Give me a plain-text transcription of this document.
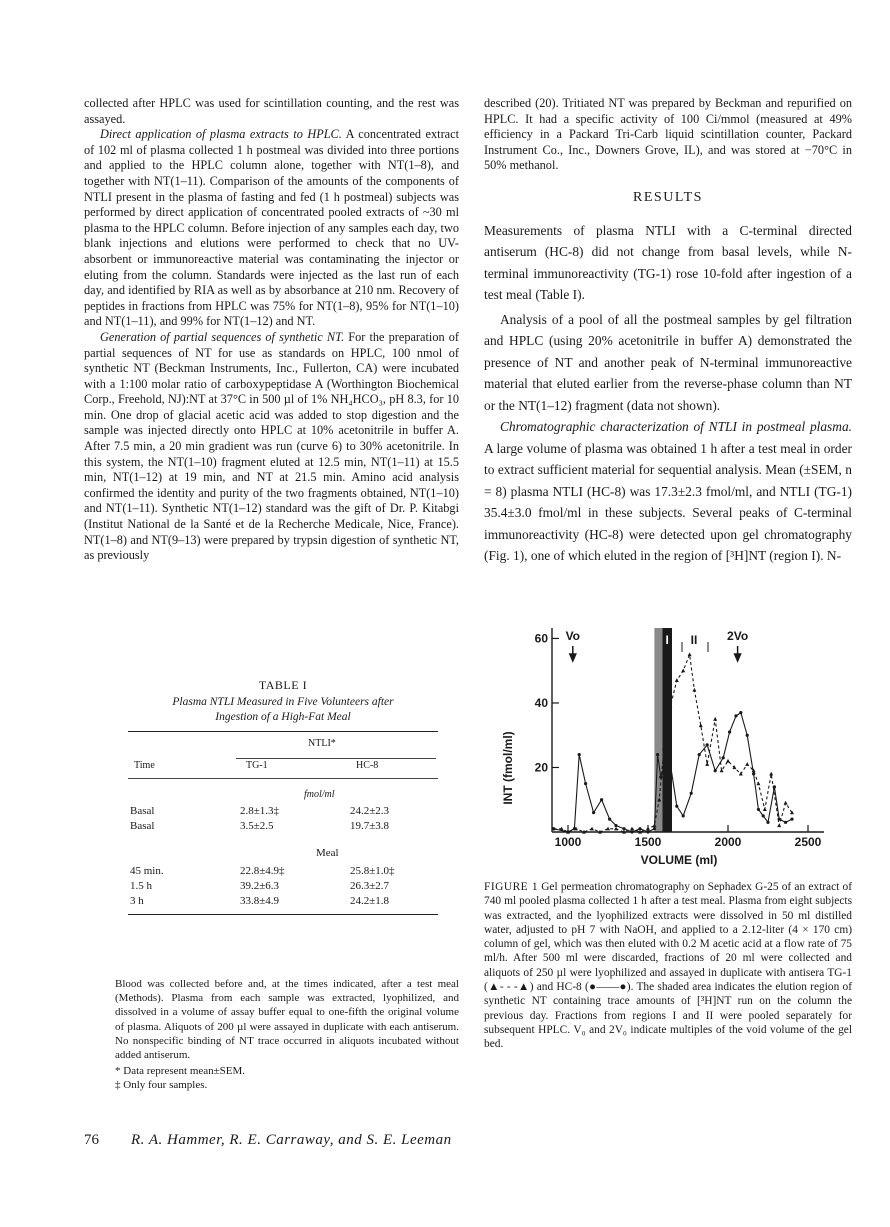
collected after HPLC was used for scintillation counting, and the rest was assayed.

Direct application of plasma extracts to HPLC. A concentrated extract of 102 ml of plasma collected 1 h postmeal was divided into three portions and applied to the HPLC column alone, together with NT(1–8), and together with NT(1–11). Comparison of the amounts of the components of NTLI present in the plasma of fasting and fed (1 h postmeal) subjects was performed by direct application of concentrated pooled extracts of ~30 ml plasma to the HPLC column. Before injection of any samples each day, two blank injections and elutions were performed to check that no UV-absorbent or immunoreactive material was contaminating the injector or eluting from the column. Standards were injected as the last run of each day, and identified by RIA as well as by absorbance at 210 nm. Recovery of peptides in fractions from HPLC was 75% for NT(1–8), 95% for NT(1–10) and NT(1–11), and 99% for NT(1–12) and NT.

Generation of partial sequences of synthetic NT. For the preparation of partial sequences of NT for use as standards on HPLC, 100 nmol of synthetic NT (Beckman Instruments, Inc., Fullerton, CA) were incubated with a 1:100 molar ratio of carboxypeptidase A (Worthington Biochemical Corp., Freehold, NJ):NT at 37°C in 500 µl of 1% NH₄HCO₃, pH 8.3, for 10 min. One drop of glacial acetic acid was added to stop digestion and the sample was injected directly onto HPLC at 10% acetonitrile in buffer A. After 7.5 min, a 20 min gradient was run (curve 6) to 30% acetonitrile. In this system, the NT(1–10) fragment eluted at 12.5 min, NT(1–11) at 15.5 min, NT(1–12) at 19 min, and NT at 21.5 min. Amino acid analysis confirmed the identity and purity of the two fragments obtained, NT(1–10) and NT(1–11). Synthetic NT(1–12) standard was the gift of Dr. P. Kitabgi (Institut National de la Santé et de la Recherche Medicale, Nice, France). NT(1–8) and NT(9–13) were prepared by trypsin digestion of synthetic NT, as previously

TABLE I
Plasma NTLI Measured in Five Volunteers after
Ingestion of a High-Fat Meal
NTLI*
Time	TG-1	HC-8
fmol/ml
Basal	2.8±1.3‡	24.2±2.3
Basal	3.5±2.5	19.7±3.8
Meal
45 min.	22.8±4.9‡	25.8±1.0‡
1.5 h	39.2±6.3	26.3±2.7
3 h	33.8±4.9	24.2±1.8

Blood was collected before and, at the times indicated, after a test meal (Methods). Plasma from each sample was extracted, lyophilized, and dissolved in a volume of assay buffer equal to one-fifth the original volume of plasma. Aliquots of 200 µl were assayed in duplicate with each antiserum. No nonspecific binding of NT trace occurred in aliquots incubated without added antiserum.

* Data represent mean±SEM.

‡ Only four samples.

described (20). Tritiated NT was prepared by Beckman and repurified on HPLC. It had a specific activity of 100 Ci/mmol (measured at 49% efficiency in a Packard Tri-Carb liquid scintillation counter, Packard Instrument Co., Inc., Downers Grove, IL), and was stored at −70°C in 50% methanol.

RESULTS

Measurements of plasma NTLI with a C-terminal directed antiserum (HC-8) did not change from basal levels, while N-terminal immunoreactivity (TG-1) rose 10-fold after ingestion of a test meal (Table I).

Analysis of a pool of all the postmeal samples by gel filtration and HPLC (using 20% acetonitrile in buffer A) demonstrated the presence of NT and another peak of N-terminal immunoreactive material that eluted earlier from the reverse-phase column than NT or the NT(1–12) fragment (data not shown).

Chromatographic characterization of NTLI in postmeal plasma. A large volume of plasma was obtained 1 h after a test meal in order to extract sufficient material for sequential analysis. Mean (±SEM, n = 8) plasma NTLI (HC-8) was 17.3±2.3 fmol/ml, and NTLI (TG-1) 35.4±3.0 fmol/ml in these subjects. Several peaks of C-terminal immunoreactivity (HC-8) were detected upon gel chromatography (Fig. 1), one of which eluted in the region of [³H]NT (region I). N-

20
40
60
1000	1500	2000	2500
INT (fmol/ml)
VOLUME (ml)
Vo	2Vo
I II
FIGURE 1 Gel permeation chromatography on Sephadex G-25 of an extract of 740 ml pooled plasma collected 1 h after a test meal. Plasma from eight subjects was extracted, and the lyophilized extracts were dissolved in 50 ml distilled water, adjusted to pH 7 with NaOH, and applied to a 2.12-liter (4 × 170 cm) column of gel, which was then eluted with 0.2 M acetic acid at a flow rate of 75 ml/h. After 500 ml were discarded, fractions of 20 ml were collected and aliquots of 250 µl were lyophilized and assayed in duplicate with antisera TG-1 (▲- - -▲) and HC-8 (●——●). The shaded area indicates the elution region of synthetic NT containing trace amounts of [³H]NT run on the column the previous day. Fractions from regions I and II were pooled separately for subsequent HPLC. V₀ and 2V₀ indicate multiples of the void volume of the gel bed.
76 R. A. Hammer, R. E. Carraway, and S. E. Leeman
